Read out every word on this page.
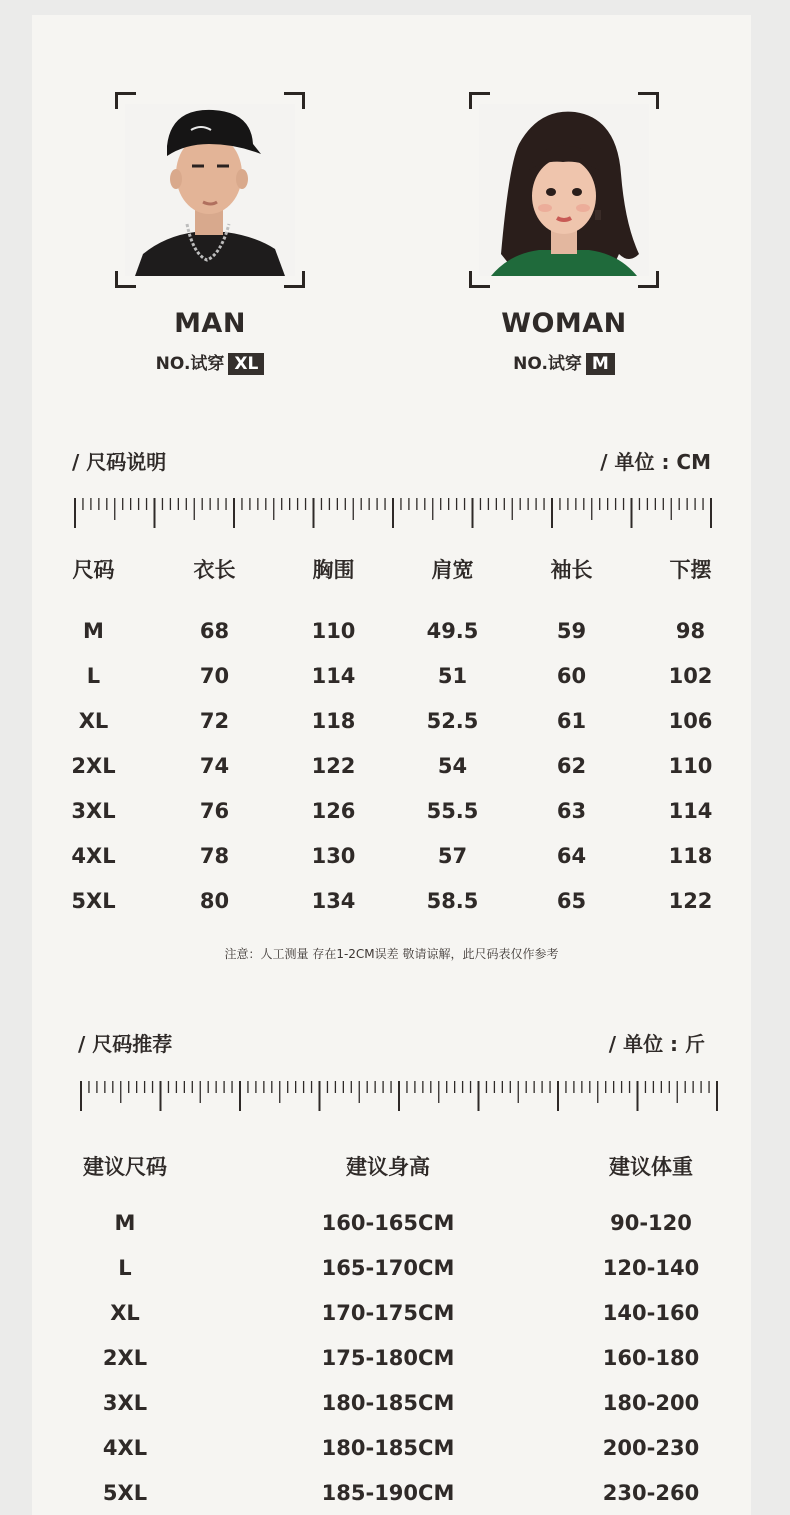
MAN
NO.试穿 XL
WOMAN
NO.试穿 M
/ 尺码说明	/ 单位 : CM
尺码	衣长	胸围	肩宽	袖长	下摆
M	68	110	49.5	59	98
L	70	114	51	60	102
XL	72	118	52.5	61	106
2XL	74	122	54	62	110
3XL	76	126	55.5	63	114
4XL	78	130	57	64	118
5XL	80	134	58.5	65	122
注意：人工测量 存在1-2CM误差 敬请谅解，此尺码表仅作参考
/ 尺码推荐	/ 单位 : 斤
建议尺码	建议身高	建议体重
M	160-165CM	90-120
L	165-170CM	120-140
XL	170-175CM	140-160
2XL	175-180CM	160-180
3XL	180-185CM	180-200
4XL	180-185CM	200-230
5XL	185-190CM	230-260
